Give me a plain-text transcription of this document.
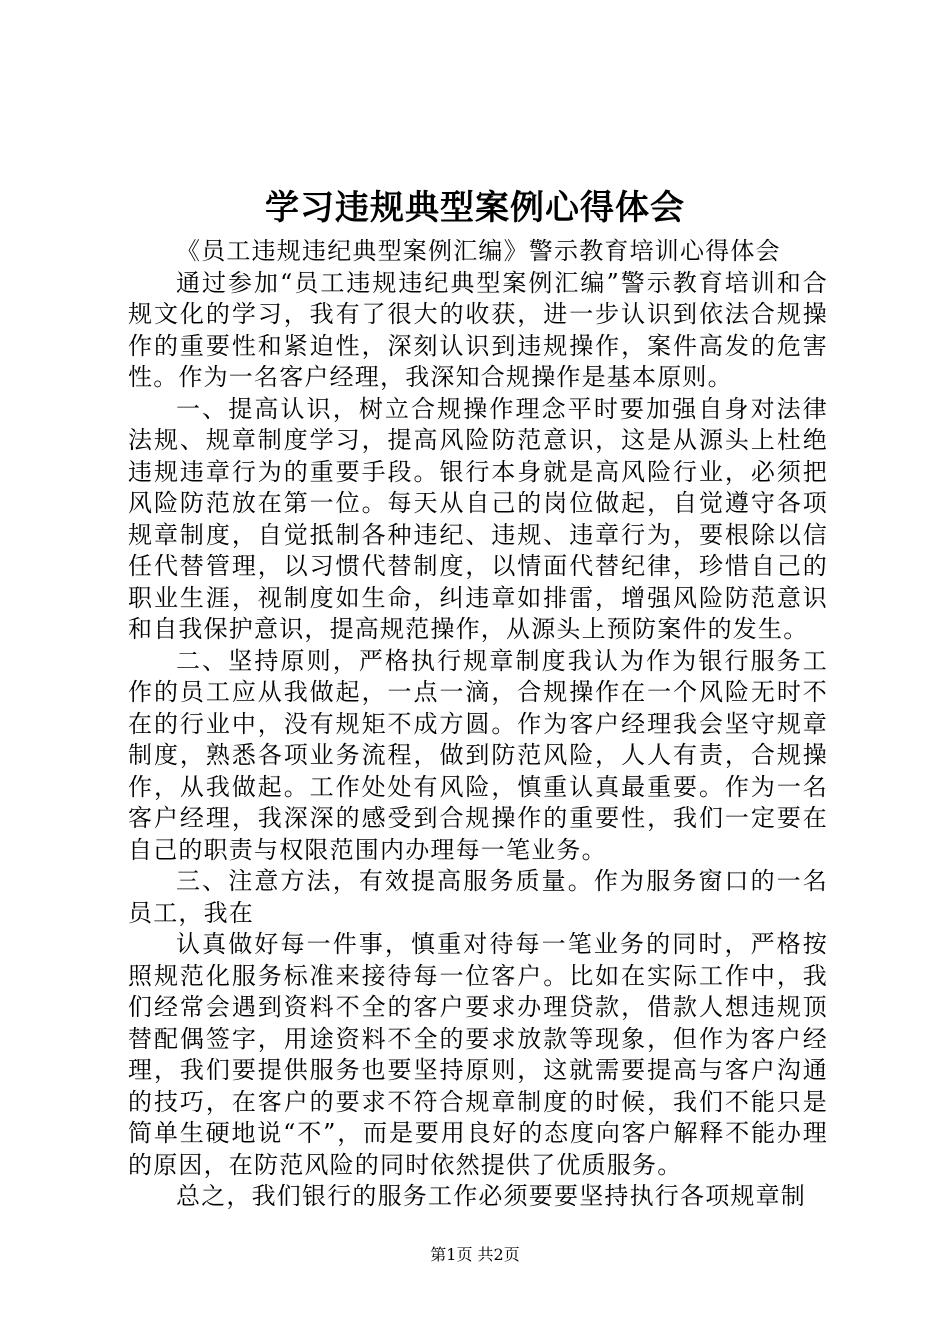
学习违规典型案例心得体会

《员工违规违纪典型案例汇编》警示教育培训心得体会

通过参加“员工违规违纪典型案例汇编”警示教育培训和合规文化的学习，我有了很大的收获，进一步认识到依法合规操作的重要性和紧迫性，深刻认识到违规操作，案件高发的危害性。作为一名客户经理，我深知合规操作是基本原则。

一、提高认识，树立合规操作理念平时要加强自身对法律法规、规章制度学习，提高风险防范意识，这是从源头上杜绝违规违章行为的重要手段。银行本身就是高风险行业，必须把风险防范放在第一位。每天从自己的岗位做起，自觉遵守各项规章制度，自觉抵制各种违纪、违规、违章行为，要根除以信任代替管理，以习惯代替制度，以情面代替纪律，珍惜自己的职业生涯，视制度如生命，纠违章如排雷，增强风险防范意识和自我保护意识，提高规范操作，从源头上预防案件的发生。

二、坚持原则，严格执行规章制度我认为作为银行服务工作的员工应从我做起，一点一滴，合规操作在一个风险无时不在的行业中，没有规矩不成方圆。作为客户经理我会坚守规章制度，熟悉各项业务流程，做到防范风险，人人有责，合规操作，从我做起。工作处处有风险，慎重认真最重要。作为一名客户经理，我深深的感受到合规操作的重要性，我们一定要在自己的职责与权限范围内办理每一笔业务。

三、注意方法，有效提高服务质量。作为服务窗口的一名员工，我在

认真做好每一件事，慎重对待每一笔业务的同时，严格按照规范化服务标准来接待每一位客户。比如在实际工作中，我们经常会遇到资料不全的客户要求办理贷款，借款人想违规顶替配偶签字，用途资料不全的要求放款等现象，但作为客户经理，我们要提供服务也要坚持原则，这就需要提高与客户沟通的技巧，在客户的要求不符合规章制度的时候，我们不能只是简单生硬地说“不”，而是要用良好的态度向客户解释不能办理的原因，在防范风险的同时依然提供了优质服务。

总之，我们银行的服务工作必须要要坚持执行各项规章制

第1页 共2页
